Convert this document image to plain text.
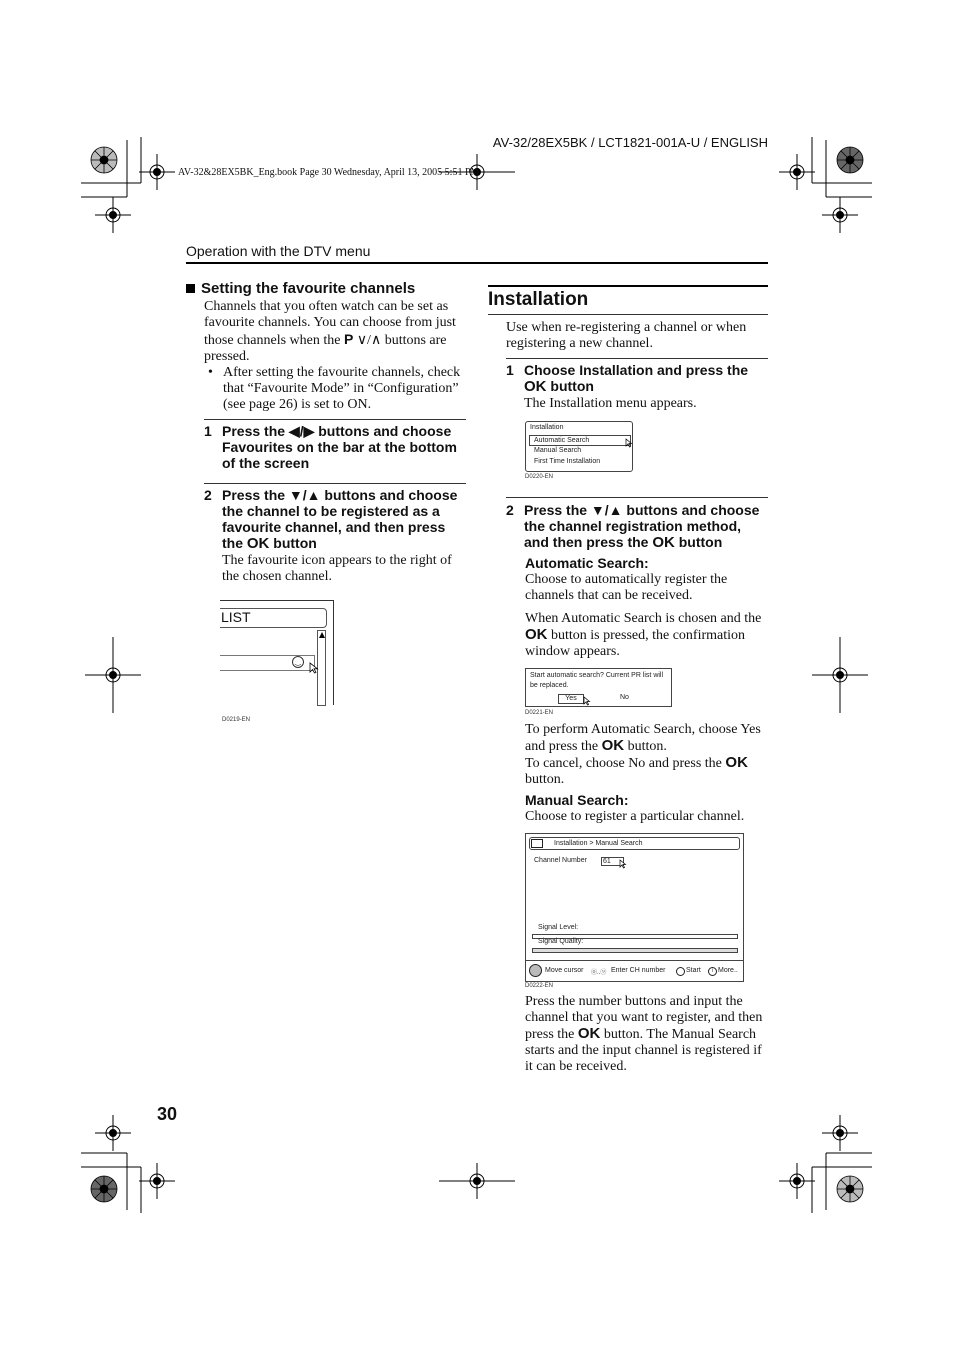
AV-32/28EX5BK / LCT1821-001A-U / ENGLISH
AV-32&28EX5BK_Eng.book Page 30 Wednesday, April 13, 2005 5:51 PM
Operation with the DTV menu
Setting the favourite channels
Channels that you often watch can be set as favourite channels. You can choose from just those channels when the P ∨/∧ buttons are pressed.
• After setting the favourite channels, check that “Favourite Mode” in “Configuration” (see page 26) is set to ON.
1 Press the ◀/▶ buttons and choose Favourites on the bar at the bottom of the screen
2 Press the ▼/▲ buttons and choose the channel to be registered as a favourite channel, and then press the OK button
The favourite icon appears to the right of the chosen channel.
LIST
‿
D0219-EN
Installation
Use when re-registering a channel or when registering a new channel.
1 Choose Installation and press the OK button
The Installation menu appears.
Installation
Automatic Search
Manual Search
First Time Installation
D0220-EN
2 Press the ▼/▲ buttons and choose the channel registration method, and then press the OK button
Automatic Search:
Choose to automatically register the channels that can be received.
When Automatic Search is chosen and the OK button is pressed, the confirmation window appears.
Start automatic search? Current PR list will be replaced.
Yes	No
D0221-EN
To perform Automatic Search, choose Yes and press the OK button.
To cancel, choose No and press the OK button.
Manual Search:
Choose to register a particular channel.
Installation > Manual Search
Channel Number 61
Signal Level:
Signal Quality:
Move cursor ⓪..⑨ Enter CH number	Start	i More..
D0222-EN
Press the number buttons and input the channel that you want to register, and then press the OK button. The Manual Search starts and the input channel is registered if it can be received.
30
